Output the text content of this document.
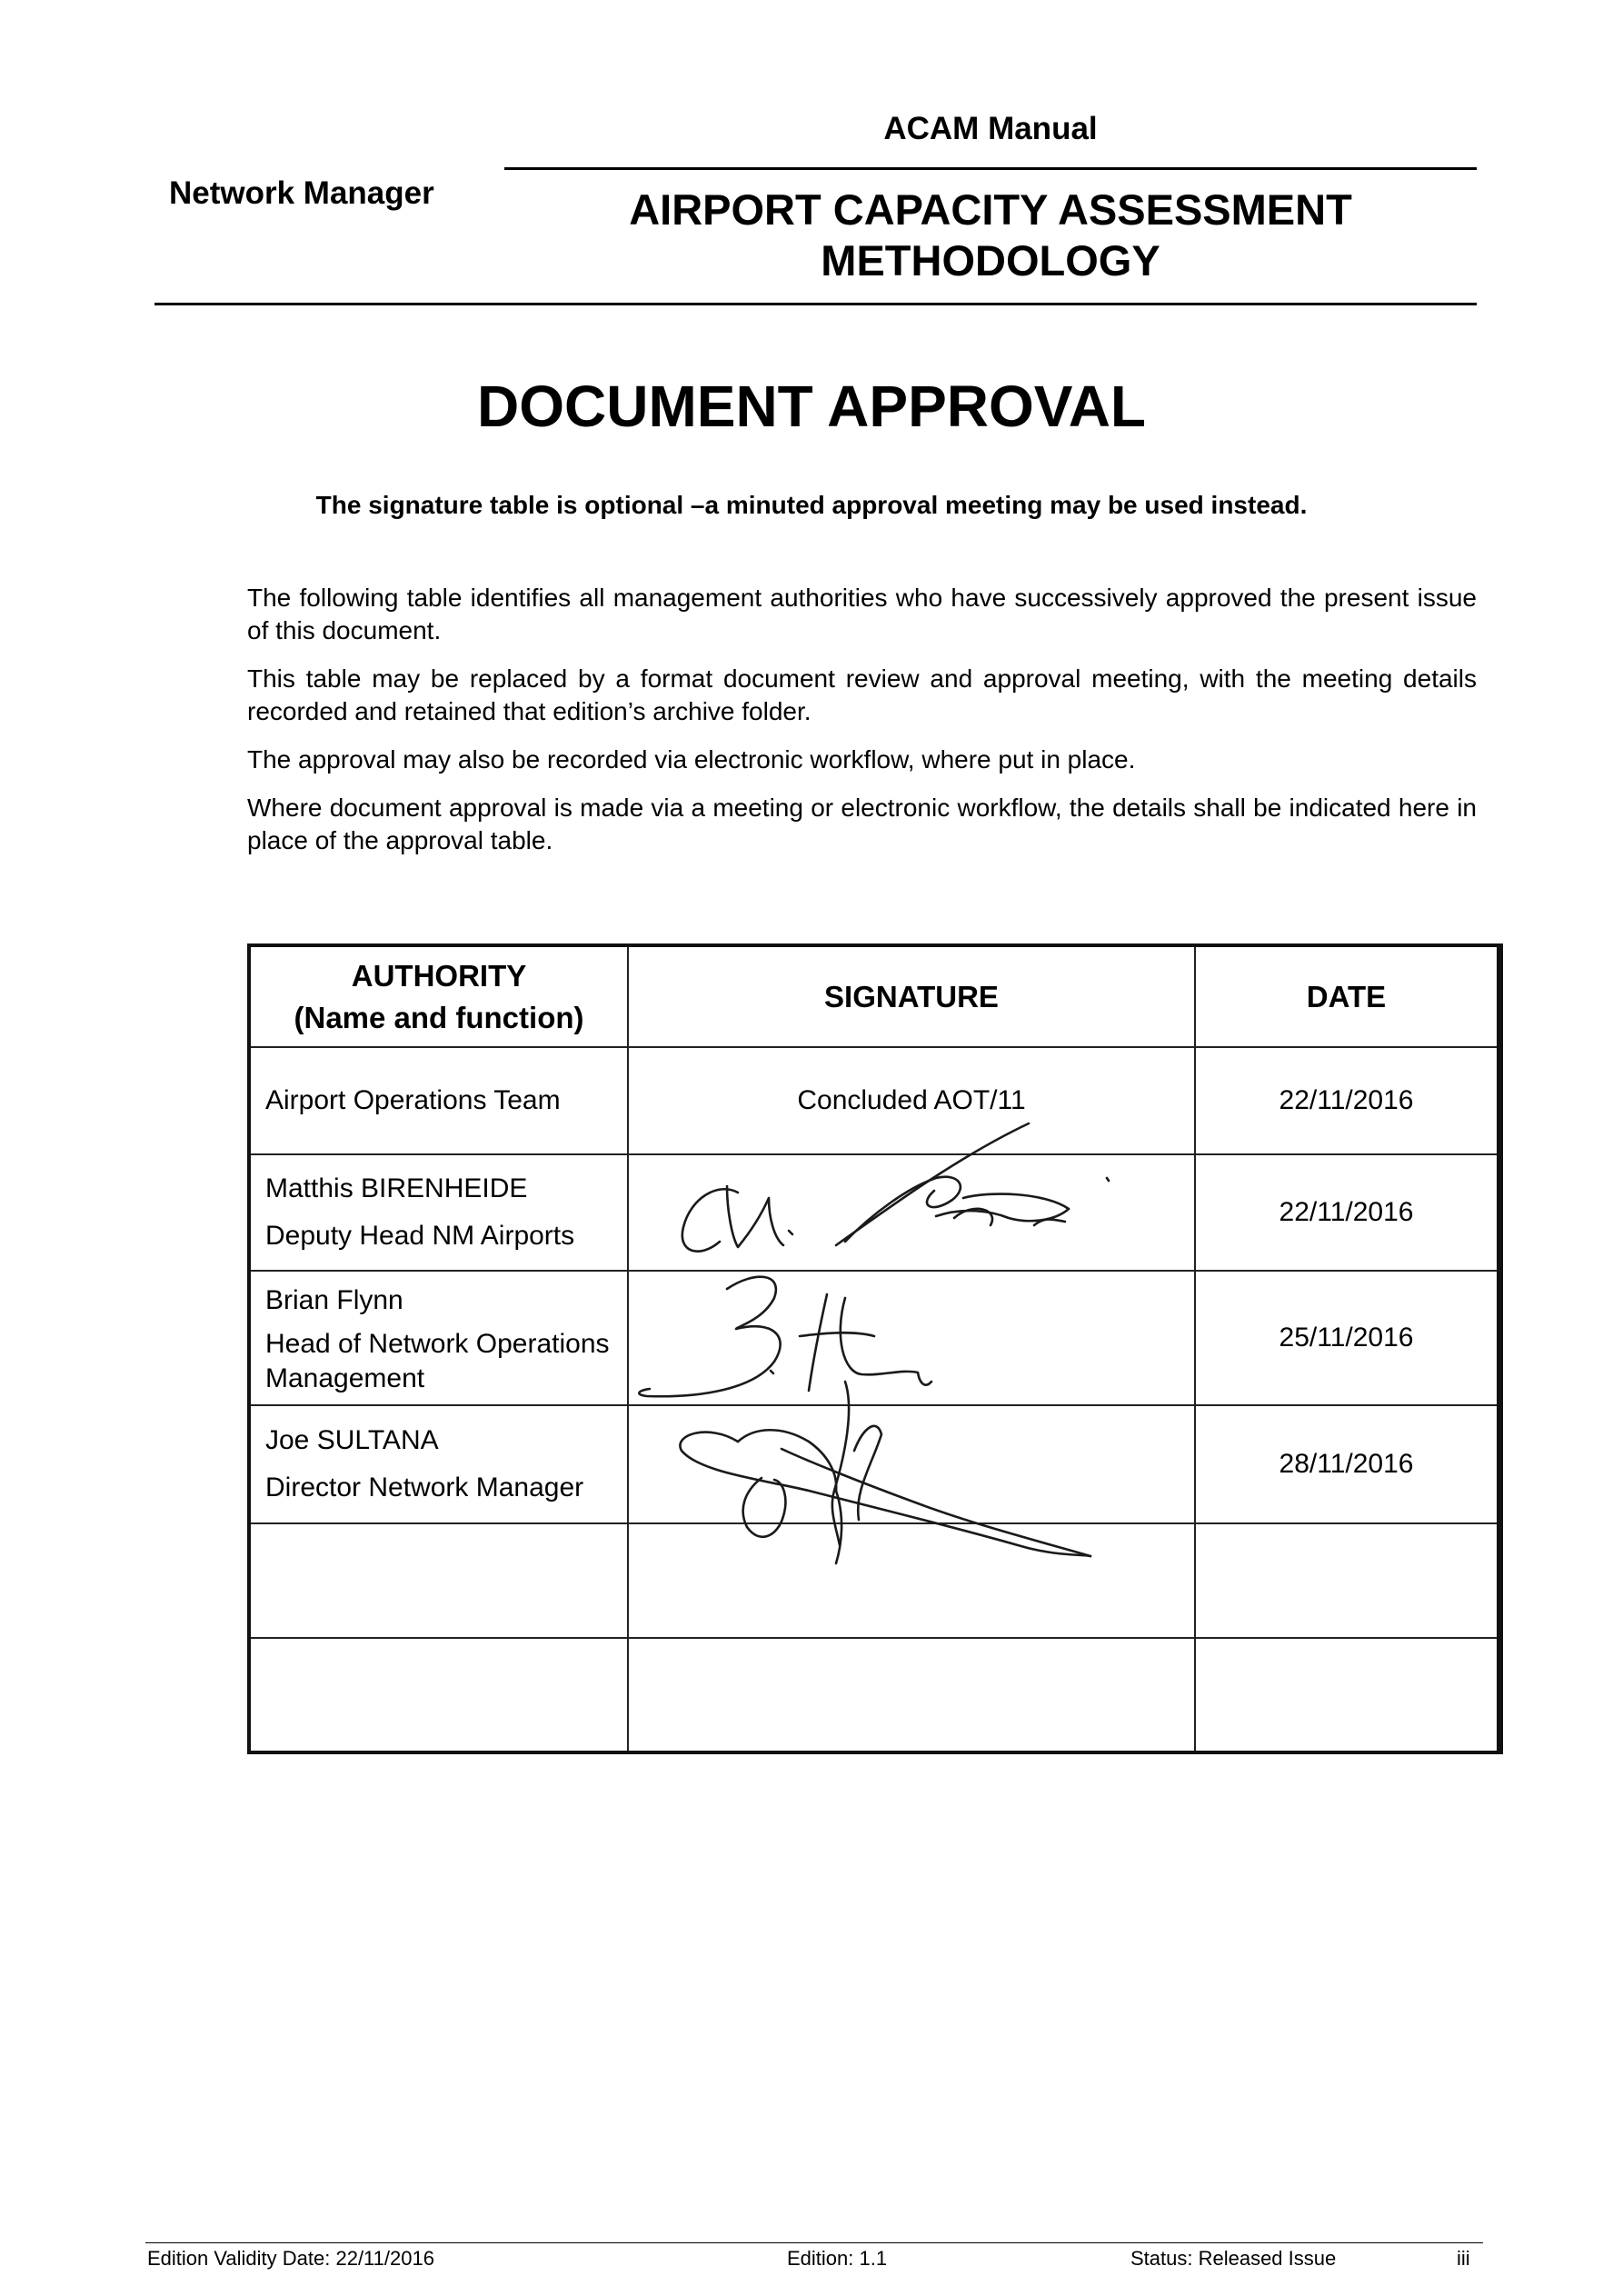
ACAM Manual
Network Manager	AIRPORT CAPACITY ASSESSMENT
METHODOLOGY
DOCUMENT APPROVAL
The signature table is optional –a minuted approval meeting may be used instead.

The following table identifies all management authorities who have successively approved the present issue of this document.

This table may be replaced by a format document review and approval meeting, with the meeting details recorded and retained that edition’s archive folder.

The approval may also be recorded via electronic workflow, where put in place.

Where document approval is made via a meeting or electronic workflow, the details shall be indicated here in place of the approval table.

AUTHORITY
(Name and function)	SIGNATURE	DATE

Airport Operations Team	Concluded AOT/11	22/11/2016

Matthis BIRENHEIDE
Deputy Head NM Airports		22/11/2016

Brian Flynn
Head of Network Operations Management		25/11/2016

Joe SULTANA
Director Network Manager		28/11/2016

Edition Validity Date: 22/11/2016	Edition: 1.1	Status: Released Issue	iii
